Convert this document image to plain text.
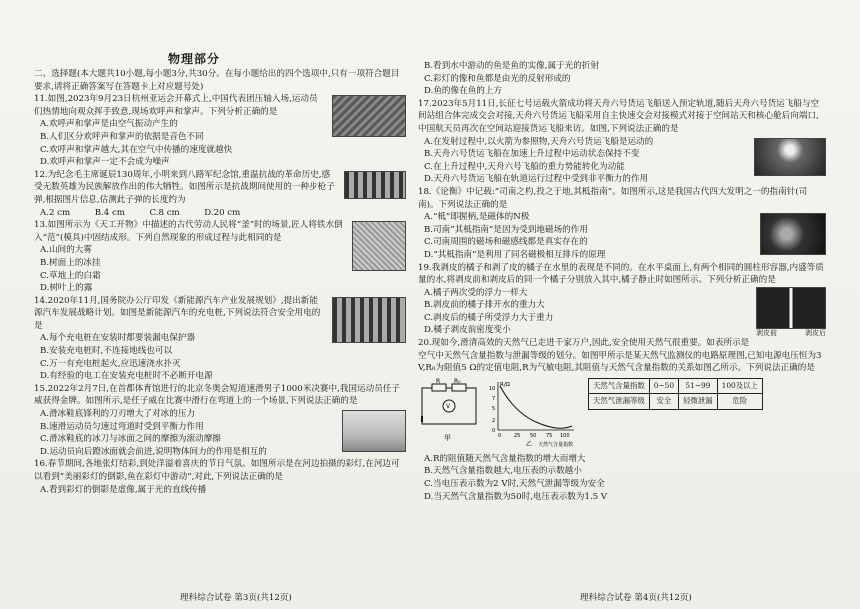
物理部分

二、选择题(本大题共10小题,每小题3分,共30分。在每小题给出的四个选项中,只有一项符合题目要求,请将正确答案写在答题卡上对应题号处)

11.如图,2023年9月23日杭州亚运会开幕式上,中国代表团压轴入场,运动员们热情地向观众挥手致意,现场欢呼声和掌声。下列分析正确的是

A.欢呼声和掌声是由空气振动产生的

B.人们区分欢呼声和掌声的依据是音色不同

C.欢呼声和掌声越大,其在空气中传播的速度就越快

D.欢呼声和掌声一定不会成为噪声

12.为纪念毛主席诞辰130周年,小明来到八路军纪念馆,重温抗战的革命历史,感受无数英雄为民族解放作出的伟大牺牲。如图所示是抗战期间使用的一种步枪子弹,根据图片信息,估测此子弹的长度约为

A.2 cm	B.4 cm	C.8 cm	D.20 cm

13.如图所示为《天工开物》中描述的古代劳动人民将“釜”时的场景,匠人将铁水倒入“范”(模具)中固结成形。下列自然现象的形成过程与此相同的是

A.山间的大雾

B.树面上的冰挂

C.草地上的白霜

D.树叶上的露

14.2020年11月,国务院办公厅印发《新能源汽车产业发展规划》,提出新能源汽车发展战略计划。如图是新能源汽车的充电桩,下列说法符合安全用电的是

A.每个充电桩在安装时都要装漏电保护器

B.安装充电桩时,不连接地线也可以

C.万一有充电桩起火,应迅速浇水扑灭

D.有经验的电工在安装充电桩时不必断开电源

15.2022年2月7日,在首都体育馆进行的北京冬奥会短道速滑男子1000米决赛中,我国运动员任子威获得金牌。如图所示,是任子威在比赛中滑行在弯道上的一个场景,下列说法正确的是

A.滑冰鞋底锋利的刀刃增大了对冰的压力

B.速滑运动员匀速过弯道时受到平衡力作用

C.滑冰鞋底的冰刀与冰面之间的摩擦为滚动摩擦

D.运动员向后蹬冰面就会前进,说明物体间力的作用是相互的

16.春节期间,各地张灯结彩,到处洋溢着喜庆的节日气氛。如图所示是在河边拍摄的彩灯,在河边可以看到“美丽彩灯的倒影,鱼在彩灯中游动”,对此,下列说法正确的是

A.看到彩灯的倒影是虚像,属于光的直线传播

B.看到水中游动的鱼是鱼的实像,属于光的折射

C.彩灯的像和鱼都是由光的反射形成的

D.鱼的像在鱼的上方

17.2023年5月11日,长征七号运载火箭成功将天舟六号货运飞船送入预定轨道,随后天舟六号货运飞船与空间站组合体完成交会对接,天舟六号货运飞船采用自主快速交会对接模式对接于空间站天和核心舱后向端口,中国航天员再次在空间站迎接货运飞船来访。如图,下列说法正确的是

A.在发射过程中,以火箭为参照物,天舟六号货运飞船是运动的

B.天舟六号货运飞船在加速上升过程中运动状态保持不变

C.在上升过程中,天舟六号飞船的重力势能转化为动能

D.天舟六号货运飞船在轨道运行过程中受到非平衡力的作用

18.《论衡》中记载:“司南之杓,投之于地,其柢指南”。如图所示,这是我国古代四大发明之一的指南针(司南)。下列说法正确的是

A.“柢”即握柄,是磁体的N极

B.司南“其柢指南”是因为受到地磁场的作用

C.司南周围的磁场和磁感线都是真实存在的

D.“其柢指南”是利用了同名磁极相互排斥的原理

19.我剥皮的橘子和剥了皮的橘子在水里的表现是不同的。在水平桌面上,有两个相同的圆柱形容器,内盛等质量的水,将剥皮前和剥皮后的同一个橘子分别放入其中,橘子静止时如图所示。下列分析正确的是

剥皮前	剥皮后

A.橘子两次受的浮力一样大

B.剥皮前的橘子排开水的重力大

C.剥皮后的橘子所受浮力大于重力

D.橘子剥皮前密度变小

20.现如今,滑清高效的天然气已走进千家万户,因此,安全使用天然气很重要。如表所示是空气中天然气含量指数与泄漏等级的划分。如图甲所示是某天然气监测仪的电路原理图,已知电源电压恒为3 V,R₀为阻值5 Ω的定值电阻,R为气敏电阻,其阻值与天然气含量指数的关系如图乙所示。下列说法正确的是

R R₀
V
甲
R/Ω
0
2
5
7
10
0	25 50 75 100
乙 天然气含量指数
天然气含量指数	0~50	51~99	100及以上
天然气泄漏等级	安全	轻微泄漏	危险

A.R的阻值随天然气含量指数的增大而增大

B.天然气含量指数越大,电压表的示数越小

C.当电压表示数为2 V时,天然气泄漏等级为安全

D.当天然气含量指数为50时,电压表示数为1.5 V

理科综合试卷 第3页(共12页)	理科综合试卷 第4页(共12页)
